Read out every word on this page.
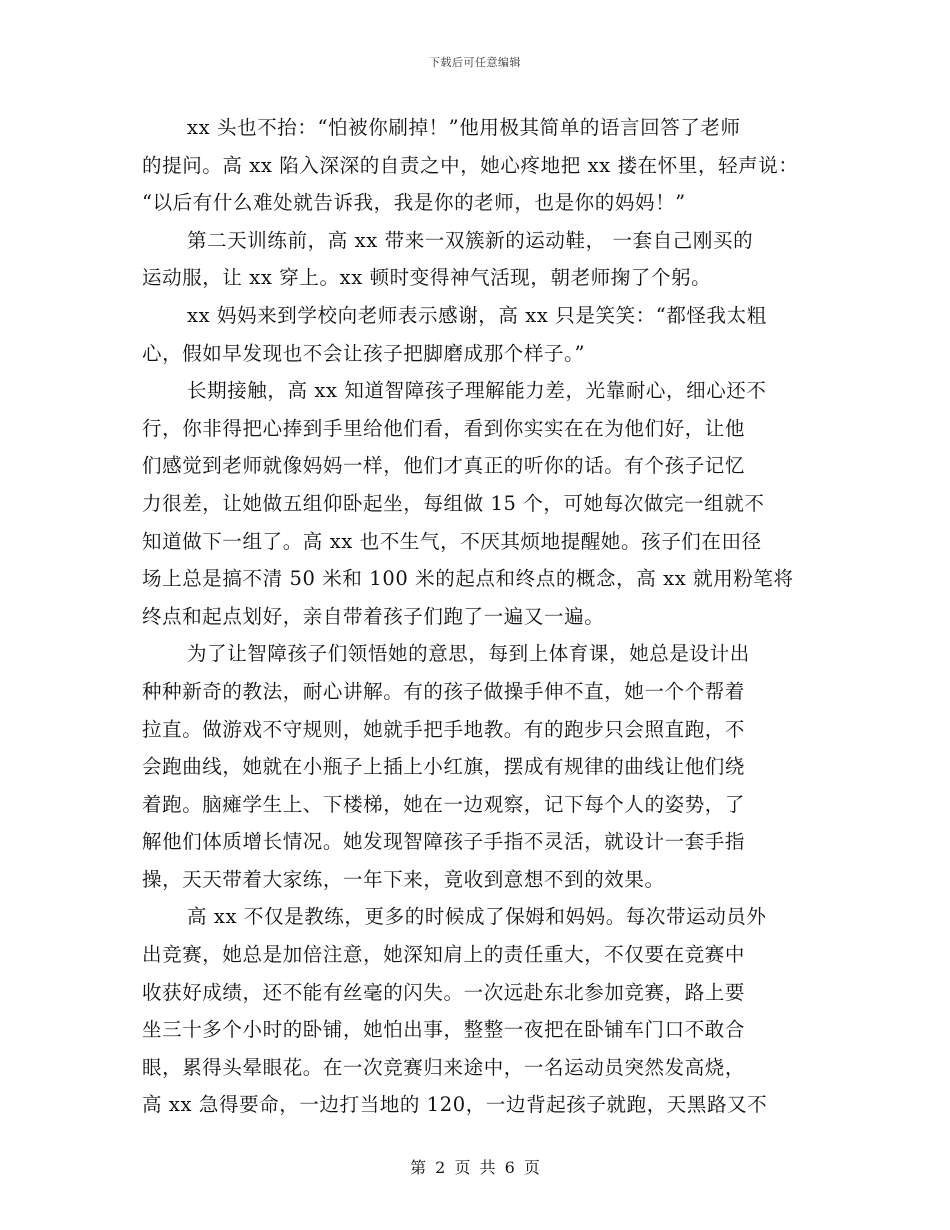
下载后可任意编辑
xx 头也不抬：“怕被你刷掉！”他用极其简单的语言回答了老师
的提问。高 xx 陷入深深的自责之中，她心疼地把 xx 搂在怀里，轻声说：
“以后有什么难处就告诉我，我是你的老师，也是你的妈妈！”
第二天训练前，高 xx 带来一双簇新的运动鞋， 一套自己刚买的
运动服，让 xx 穿上。xx 顿时变得神气活现，朝老师掬了个躬。
xx 妈妈来到学校向老师表示感谢，高 xx 只是笑笑：“都怪我太粗
心，假如早发现也不会让孩子把脚磨成那个样子。”
长期接触，高 xx 知道智障孩子理解能力差，光靠耐心，细心还不
行，你非得把心捧到手里给他们看，看到你实实在在为他们好，让他
们感觉到老师就像妈妈一样，他们才真正的听你的话。有个孩子记忆
力很差，让她做五组仰卧起坐，每组做 15 个，可她每次做完一组就不
知道做下一组了。高 xx 也不生气，不厌其烦地提醒她。孩子们在田径
场上总是搞不清 50 米和 100 米的起点和终点的概念，高 xx 就用粉笔将
终点和起点划好，亲自带着孩子们跑了一遍又一遍。
为了让智障孩子们领悟她的意思，每到上体育课，她总是设计出
种种新奇的教法，耐心讲解。有的孩子做操手伸不直，她一个个帮着
拉直。做游戏不守规则，她就手把手地教。有的跑步只会照直跑，不
会跑曲线，她就在小瓶子上插上小红旗，摆成有规律的曲线让他们绕
着跑。脑瘫学生上、下楼梯，她在一边观察，记下每个人的姿势，了
解他们体质增长情况。她发现智障孩子手指不灵活，就设计一套手指
操，天天带着大家练，一年下来，竟收到意想不到的效果。
高 xx 不仅是教练，更多的时候成了保姆和妈妈。每次带运动员外
出竞赛，她总是加倍注意，她深知肩上的责任重大，不仅要在竞赛中
收获好成绩，还不能有丝毫的闪失。一次远赴东北参加竞赛，路上要
坐三十多个小时的卧铺，她怕出事，整整一夜把在卧铺车门口不敢合
眼，累得头晕眼花。在一次竞赛归来途中，一名运动员突然发高烧，
高 xx 急得要命，一边打当地的 120，一边背起孩子就跑，天黑路又不
第 2 页 共 6 页
